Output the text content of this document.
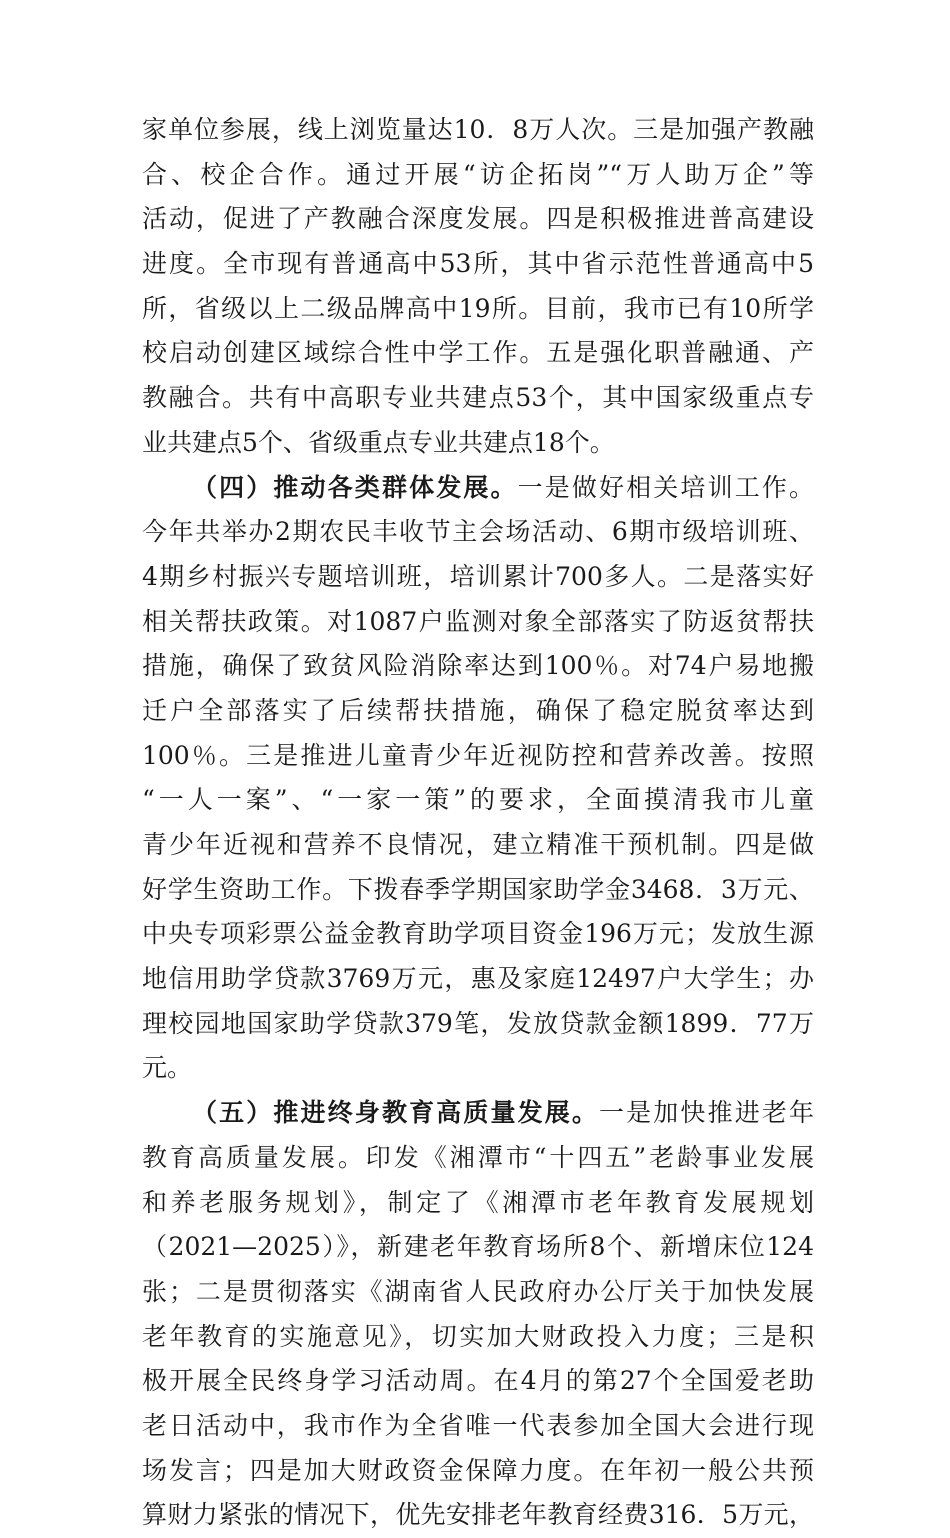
家单位参展，线上浏览量达10．8万人次。三是加强产教融
合、校企合作。通过开展“访企拓岗”“万人助万企”等
活动，促进了产教融合深度发展。四是积极推进普高建设
进度。全市现有普通高中53所，其中省示范性普通高中5
所，省级以上二级品牌高中19所。目前，我市已有10所学
校启动创建区域综合性中学工作。五是强化职普融通、产
教融合。共有中高职专业共建点53个，其中国家级重点专
业共建点5个、省级重点专业共建点18个。
（四）推动各类群体发展。一是做好相关培训工作。
今年共举办2期农民丰收节主会场活动、6期市级培训班、
4期乡村振兴专题培训班，培训累计700多人。二是落实好
相关帮扶政策。对1087户监测对象全部落实了防返贫帮扶
措施，确保了致贫风险消除率达到100％。对74户易地搬
迁户全部落实了后续帮扶措施，确保了稳定脱贫率达到
100％。三是推进儿童青少年近视防控和营养改善。按照
“一人一案”、“一家一策”的要求，全面摸清我市儿童
青少年近视和营养不良情况，建立精准干预机制。四是做
好学生资助工作。下拨春季学期国家助学金3468．3万元、
中央专项彩票公益金教育助学项目资金196万元；发放生源
地信用助学贷款3769万元，惠及家庭12497户大学生；办
理校园地国家助学贷款379笔，发放贷款金额1899．77万
元。
（五）推进终身教育高质量发展。一是加快推进老年
教育高质量发展。印发《湘潭市“十四五”老龄事业发展
和养老服务规划》，制定了《湘潭市老年教育发展规划
（2021—2025）》，新建老年教育场所8个、新增床位124
张；二是贯彻落实《湖南省人民政府办公厅关于加快发展
老年教育的实施意见》，切实加大财政投入力度；三是积
极开展全民终身学习活动周。在4月的第27个全国爱老助
老日活动中，我市作为全省唯一代表参加全国大会进行现
场发言；四是加大财政资金保障力度。在年初一般公共预
算财力紧张的情况下，优先安排老年教育经费316．5万元，
